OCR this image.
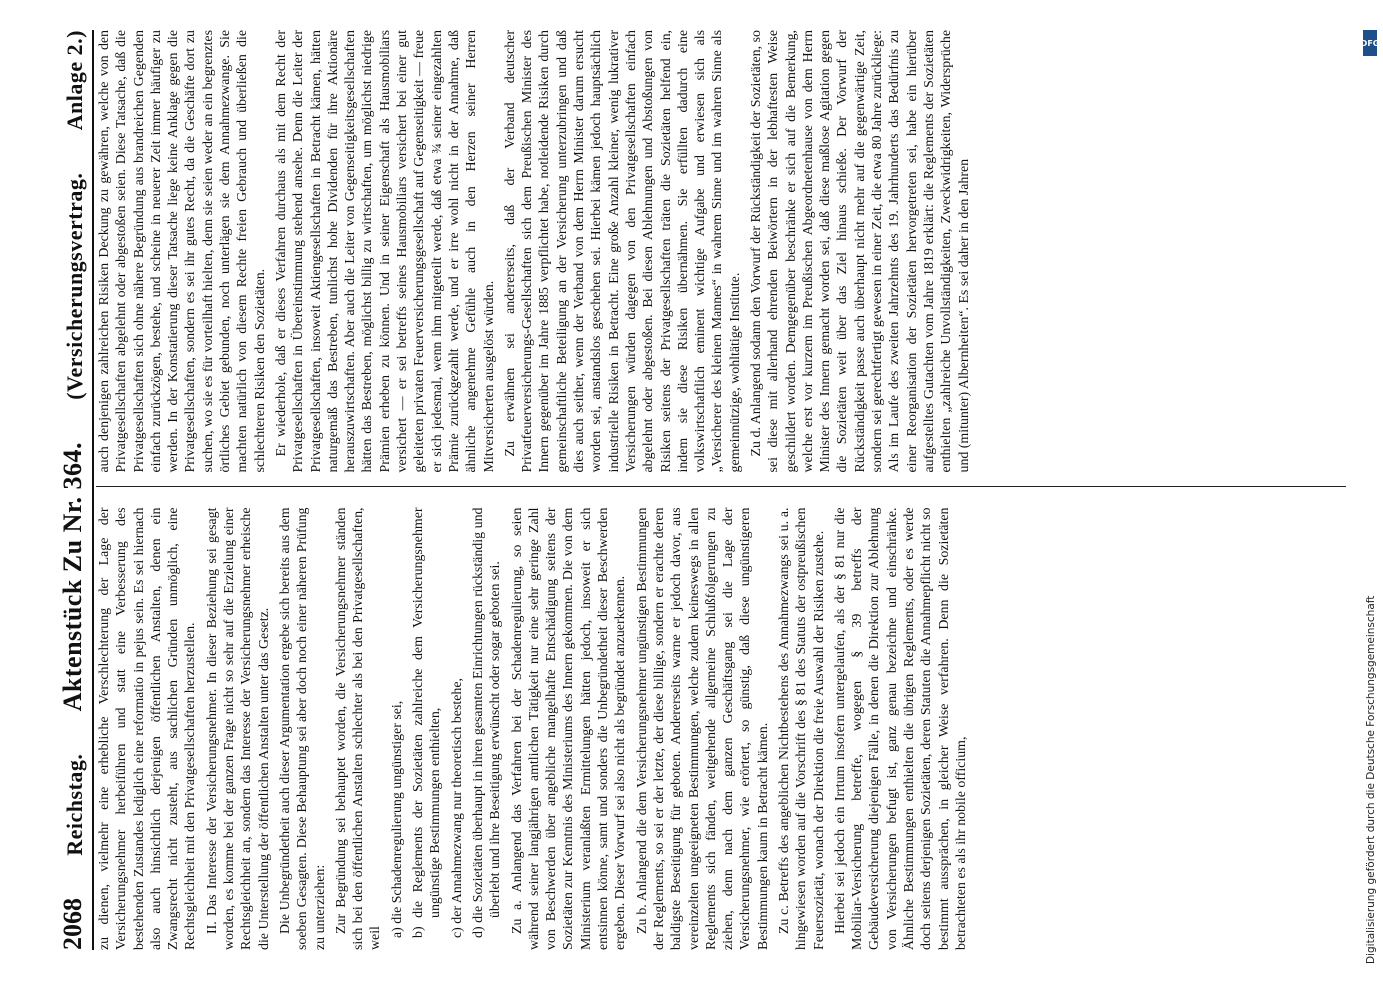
2068
Reichstag.
Aktenstück Zu Nr. 364.
(Versicherungsvertrag.
Anlage 2.)

zu dienen, vielmehr eine erhebliche Verschlechterung der Lage der Versicherungsnehmer herbeiführen und statt eine Verbesserung des bestehenden Zustandes lediglich eine reformatio in pejus sein. Es sei hiernach also auch hinsichtlich derjenigen öffentlichen Anstalten, denen ein Zwangsrecht nicht zusteht, aus sachlichen Gründen unmöglich, eine Rechtsgleichheit mit den Privatgesellschaften herzustellen. II. Das Interesse der Versicherungsnehmer. In dieser Beziehung sei gesagt worden, es komme bei der ganzen Frage nicht so sehr auf die Erzielung einer Rechtsgleichheit an, sondern das Interesse der Versicherungsnehmer erheische die Unterstellung der öffentlichen Anstalten unter das Gesetz. Die Unbegründetheit auch dieser Argumentation ergebe sich bereits aus dem soeben Gesagten. Diese Behauptung sei aber doch noch einer näheren Prüfung zu unterziehen: Zur Begründung sei behauptet worden, die Versicherungsnehmer ständen sich bei den öffentlichen Anstalten schlechter als bei den Privatgesellschaften, weil

a) die Schadenregulierung ungünstiger sei, b) die Reglements der Sozietäten zahlreiche dem Versicherungsnehmer ungünstige Bestimmungen enthielten, c) der Annahmezwang nur theoretisch bestehe, d) die Sozietäten überhaupt in ihren gesamten Einrichtungen rückständig und überlebt und ihre Beseitigung erwünscht oder sogar geboten sei. Zu a. Anlangend das Verfahren bei der Schadenregulierung, so seien während seiner langjährigen amtlichen Tätigkeit nur eine sehr geringe Zahl von Beschwerden über angebliche mangelhafte Entschädigung seitens der Sozietäten zur Kenntnis des Ministeriums des Innern gekommen. Die von dem Ministerium veranlaßten Ermittelungen hätten jedoch, insoweit er sich entsinnen könne, samt und sonders die Unbegründetheit dieser Beschwerden ergeben. Dieser Vorwurf sei also nicht als begründet anzuerkennen. Zu b. Anlangend die dem Versicherungsnehmer ungünstigen Bestimmungen der Reglements, so sei er der letzte, der diese billige, sondern er erachte deren baldigste Beseitigung für geboten. Andererseits warne er jedoch davor, aus vereinzelten ungeeigneten Bestimmungen, welche zudem keineswegs in allen Reglements sich fänden, weitgehende allgemeine Schlußfolgerungen zu ziehen, denn nach dem ganzen Geschäftsgang sei die Lage der Versicherungsnehmer, wie erörtert, so günstig, daß diese ungünstigeren Bestimmungen kaum in Betracht kämen. Zu c. Betreffs des angeblichen Nichtbestehens des Annahmezwangs sei u. a. hingewiesen worden auf die Vorschrift des § 81 des Statuts der ostpreußischen Feuersozietät, wonach der Direktion die freie Auswahl der Risiken zustehe. Hierbei sei jedoch ein Irrtum insofern untergelaufen, als der § 81 nur die Mobiliar-Versicherung betreffe, wogegen § 39 betreffs der Gebäudeversicherung diejenigen Fälle, in denen die Direktion zur Ablehnung von Versicherungen befugt ist, ganz genau bezeichne und einschränke. Ähnliche Bestimmungen enthielten die übrigen Reglements, oder es werde doch seitens derjenigen Sozietäten, deren Statuten die Annahmepflicht nicht so bestimmt aussprächen, in gleicher Weise verfahren. Denn die Sozietäten betrachteten es als ihr nobile officium,

auch denjenigen zahlreichen Risiken Deckung zu gewähren, welche von den Privatgesellschaften abgelehnt oder abgestoßen seien. Diese Tatsache, daß die Privatgesellschaften sich ohne nähere Begründung aus brandreichen Gegenden einfach zurückzögen, bestehe, und scheine in neuerer Zeit immer häufiger zu werden. In der Konstatierung dieser Tatsache liege keine Anklage gegen die Privatgesellschaften, sondern es sei ihr gutes Recht, da die Geschäfte dort zu suchen, wo sie es für vorteilhaft hielten, denn sie seien weder an ein begrenztes örtliches Gebiet gebunden, noch unterlägen sie dem Annahmezwange. Sie machten natürlich von diesem Rechte freien Gebrauch und überließen die schlechteren Risiken den Sozietäten. Er wiederhole, daß er dieses Verfahren durchaus als mit dem Recht der Privatgesellschaften in Übereinstimmung stehend ansehe. Denn die Leiter der Privatgesellschaften, insoweit Aktiengesellschaften in Betracht kämen, hätten naturgemäß das Bestreben, tunlichst hohe Dividenden für ihre Aktionäre herauszuwirtschaften. Aber auch die Leiter von Gegenseitigkeitsgesellschaften hätten das Bestreben, möglichst billig zu wirtschaften, um möglichst niedrige Prämien erheben zu können. Und in seiner Eigenschaft als Hausmobiliars versichert — er sei betreffs seines Hausmobiliars versichert bei einer gut geleiteten privaten Feuerversicherungsgesellschaft auf Gegenseitigkeit — freue er sich jedesmal, wenn ihm mitgeteilt werde, daß etwa ¾ seiner eingezahlten Prämie zurückgezahlt werde, und er irre wohl nicht in der Annahme, daß ähnliche angenehme Gefühle auch in den Herzen seiner Herren Mitversicherten ausgelöst würden. Zu erwähnen sei andererseits, daß der Verband deutscher Privatfeuerversicherungs-Gesellschaften sich dem Preußischen Minister des Innern gegenüber im Jahre 1885 verpflichtet habe, notleidende Risiken durch gemeinschaftliche Beteiligung an der Versicherung unterzubringen und daß dies auch seither, wenn der Verband von dem Herrn Minister darum ersucht worden sei, anstandslos geschehen sei. Hierbei kämen jedoch hauptsächlich industrielle Risiken in Betracht. Eine große Anzahl kleiner, wenig lukrativer Versicherungen würden dagegen von den Privatgesellschaften einfach abgelehnt oder abgestoßen. Bei diesen Ablehnungen und Abstoßungen von Risiken seitens der Privatgesellschaften träten die Sozietäten helfend ein, indem sie diese Risiken übernähmen. Sie erfüllten dadurch eine volkswirtschaftlich eminent wichtige Aufgabe und erwiesen sich als „Versicherer des kleinen Mannes“ in wahrem Sinne und im wahren Sinne als gemeinnützige, wohltätige Institute. Zu d. Anlangend sodann den Vorwurf der Rückständigkeit der Sozietäten, so sei diese mit allerhand ehrenden Beiwörtern in der lebhaftesten Weise geschildert worden. Demgegenüber beschränke er sich auf die Bemerkung, welche erst vor kurzem im Preußischen Abgeordnetenhause von dem Herrn Minister des Innern gemacht worden sei, daß diese maßlose Agitation gegen die Sozietäten weit über das Ziel hinaus schieße. Der Vorwurf der Rückständigkeit passe auch überhaupt nicht mehr auf die gegenwärtige Zeit, sondern sei gerechtfertigt gewesen in einer Zeit, die etwa 80 Jahre zurückliege: Als im Laufe des zweiten Jahrzehnts des 19. Jahrhunderts das Bedürfnis zu einer Reorganisation der Sozietäten hervorgetreten sei, habe ein hierüber aufgestelltes Gutachten vom Jahre 1819 erklärt: die Reglements der Sozietäten enthielten „zahlreiche Unvollständigkeiten, Zweckwidrigkeiten, Widersprüche und (mitunter) Albernheiten“. Es sei daher in den Jahren

DFG
Digitalisierung gefördert durch die Deutsche Forschungsgemeinschaft
